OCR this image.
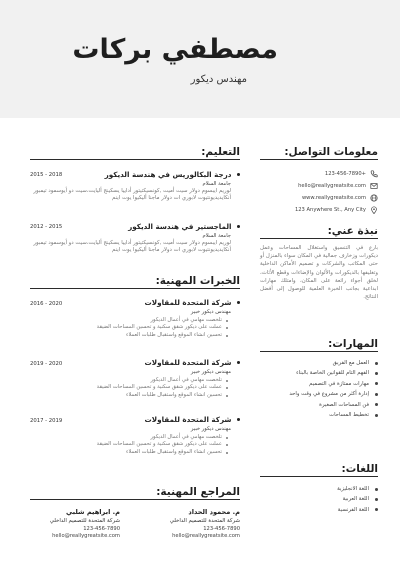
مصطفي بركات
مهندس ديكور
معلومات التواصل:
123-456-7890+
hello@reallygreatsite.com
www.reallygreatsite.com
123 Anywhere St., Any City
نبذة عني:
بارع في التنسيق واستغلال المساحات وعمل ديكورات وزخارف جمالية في المكان سواء بالمنزل أو حتى المكاتب والشركات و تصميم الأماكن الداخلية وتغليفها بالديكورات والألوان والإضاءات وقطع الأثاث، لخلق أجواء رائعة على المكان، وامتلك مهارات ابداعية بجانب الخبرة العلمية للوصول إلى أفضل النتائج.
المهارات:
العمل مع الفريق
الفهم التام للقوانين الخاصة بالبناء
مهارات ممتازة في التصميم
إدارة أكثر من مشروع في وقت واحد
فن المساحات الصغيرة
تخطيط المساحات
اللغات:
اللغة الانجليزية
اللغة العربية
اللغة الفرنسية
التعليم:
درجة البكالوريس في هندسة الديكور
جامعة السلام
لوريم ايبسوم دولار سيت أميت ,كونسيكتيتور أداييا يسكينج أليايت،سيت دو أيوسمود تيمبور أنكايديديونتيوت لابوري ات دولار ماجنا أليكيوا يوت اينم
2015 - 2018
الماجستير في هندسة الديكور
جامعة السلام
لوريم ايبسوم دولار سيت أميت ,كونسيكتيتور أداييا يسكينج أليايت،سيت دو أيوسمود تيمبور أنكايديديونتيوت لابوري ات دولار ماجنا أليكيوا يوت اينم
2012 - 2015
الخبرات المهنية:
شركة المتحدة للمقاولات
مهندس ديكور خبير
تلخصت مهامي في أعمال الديكور
عملت على ديكور شقق سكنية و تحسين المساحات الضيقة
تحسين انشاء الموقع واستقبال طلبات العملاء
2016 - 2020
شركة المتحدة للمقاولات
مهندس ديكور خبير
تلخصت مهامي في أعمال الديكور
عملت على ديكور شقق سكنية و تحسين المساحات الضيقة
تحسين انشاء الموقع واستقبال طلبات العملاء
2019 - 2020
شركة المتحدة للمقاولات
مهندس ديكور خبير
تلخصت مهامي في أعمال الديكور
عملت على ديكور شقق سكنية و تحسين المساحات الضيقة
تحسين انشاء الموقع واستقبال طلبات العملاء
2017 - 2019
المراجع المهنية:
م. محمود الحداد
شركة المتحدة للتصميم الداخلي
123-456-7890
hello@reallygreatsite.com
م. ابراهيم شلبي
شركة المتحدة للتصميم الداخلي
123-456-7890
hello@reallygreatsite.com
